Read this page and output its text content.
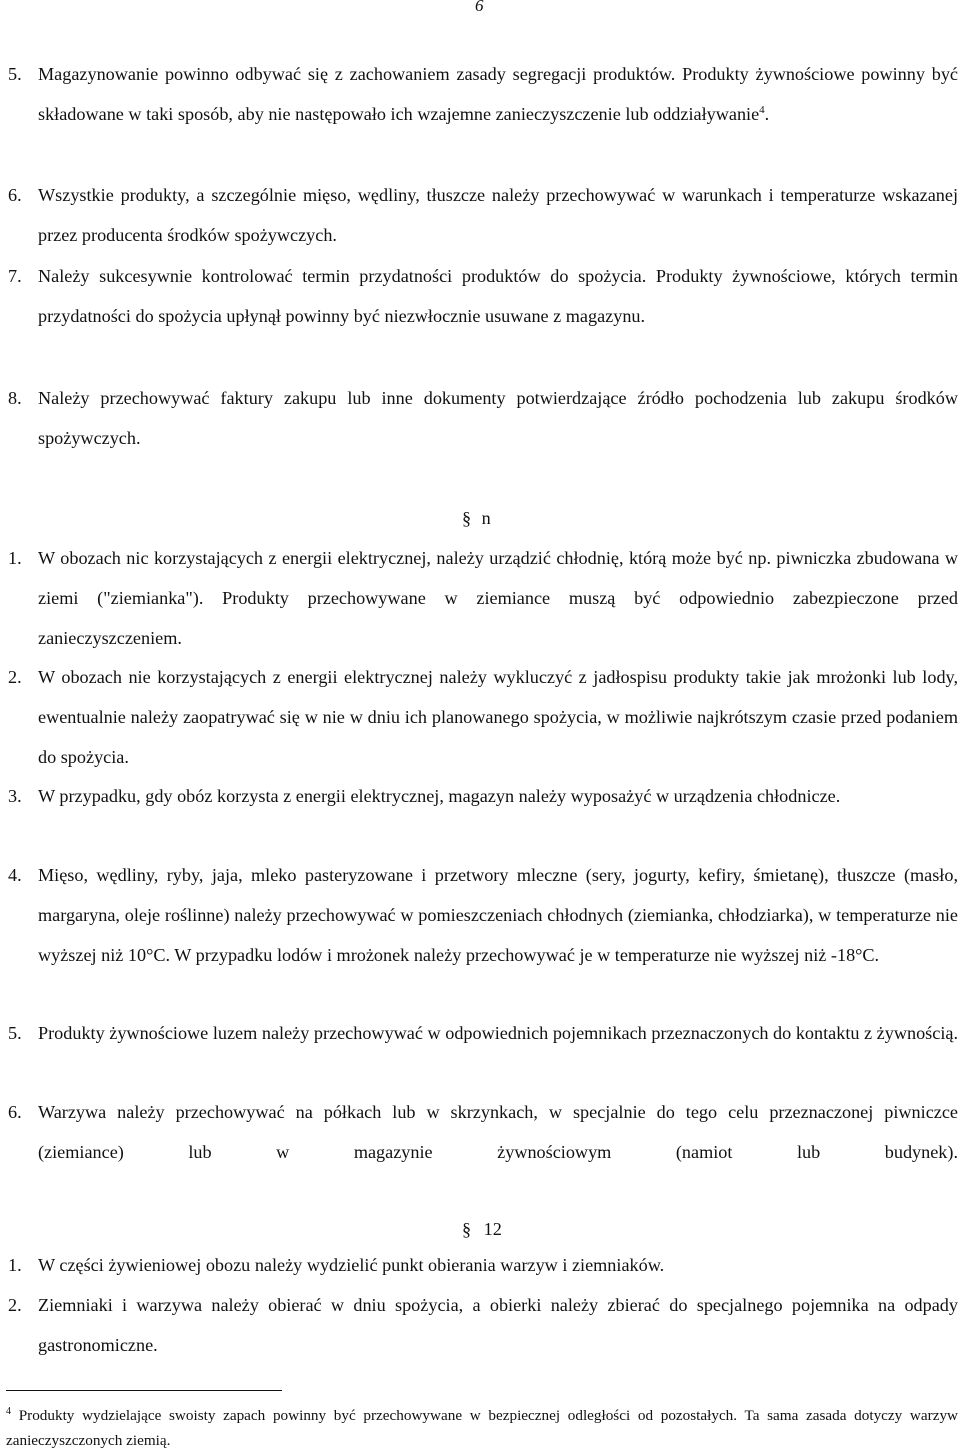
6
5. Magazynowanie powinno odbywać się z zachowaniem zasady segregacji produktów. Produkty żywnościowe powinny być składowane w taki sposób, aby nie następowało ich wzajemne zanieczyszczenie lub oddziaływanie$^4$.
6. Wszystkie produkty, a szczególnie mięso, wędliny, tłuszcze należy przechowywać w warunkach i temperaturze wskazanej przez producenta środków spożywczych.
7. Należy sukcesywnie kontrolować termin przydatności produktów do spożycia. Produkty żywnościowe, których termin przydatności do spożycia upłynął powinny być niezwłocznie usuwane z magazynu.
8. Należy przechowywać faktury zakupu lub inne dokumenty potwierdzające źródło pochodzenia lub zakupu środków spożywczych.
§ n
1. W obozach nic korzystających z energii elektrycznej, należy urządzić chłodnię, którą może być np. piwniczka zbudowana w ziemi ("ziemianka"). Produkty przechowywane w ziemiance muszą być odpowiednio zabezpieczone przed zanieczyszczeniem.
2. W obozach nie korzystających z energii elektrycznej należy wykluczyć z jadłospisu produkty takie jak mrożonki lub lody, ewentualnie należy zaopatrywać się w nie w dniu ich planowanego spożycia, w możliwie najkrótszym czasie przed podaniem do spożycia.
3. W przypadku, gdy obóz korzysta z energii elektrycznej, magazyn należy wyposażyć w urządzenia chłodnicze.
4. Mięso, wędliny, ryby, jaja, mleko pasteryzowane i przetwory mleczne (sery, jogurty, kefiry, śmietanę), tłuszcze (masło, margaryna, oleje roślinne) należy przechowywać w pomieszczeniach chłodnych (ziemianka, chłodziarka), w temperaturze nie wyższej niż 10°C. W przypadku lodów i mrożonek należy przechowywać je w temperaturze nie wyższej niż -18°C.
5. Produkty żywnościowe luzem należy przechowywać w odpowiednich pojemnikach przeznaczonych do kontaktu z żywnością.
6. Warzywa należy przechowywać na półkach lub w skrzynkach, w specjalnie do tego celu przeznaczonej piwniczce (ziemiance) lub w magazynie żywnościowym (namiot lub budynek).
§ 12
1. W części żywieniowej obozu należy wydzielić punkt obierania warzyw i ziemniaków.
2. Ziemniaki i warzywa należy obierać w dniu spożycia, a obierki należy zbierać do specjalnego pojemnika na odpady gastronomiczne.
$^4$ Produkty wydzielające swoisty zapach powinny być przechowywane w bezpiecznej odległości od pozostałych. Ta sama zasada dotyczy warzyw zanieczyszczonych ziemią.
